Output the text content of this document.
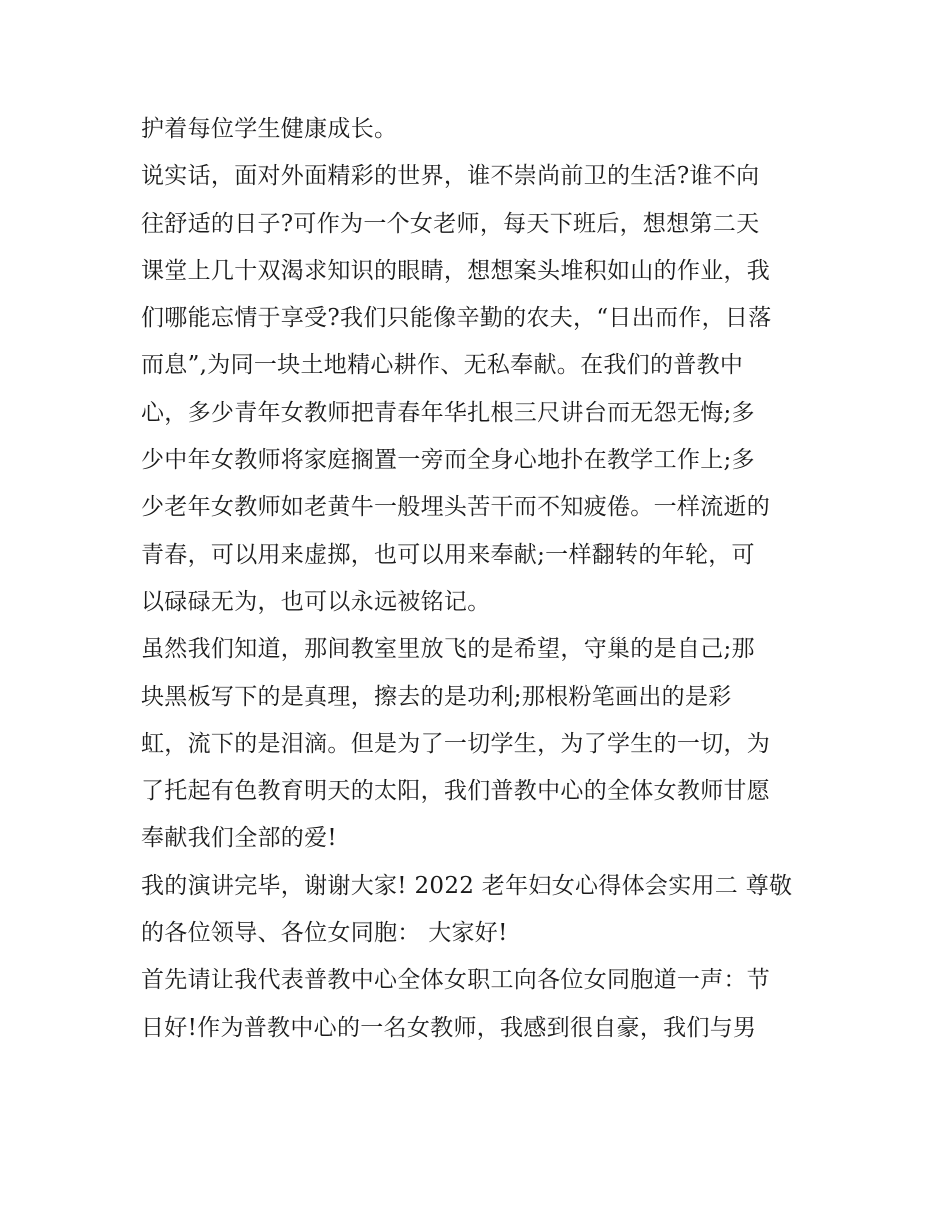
护着每位学生健康成长。
说实话，面对外面精彩的世界，谁不崇尚前卫的生活?谁不向
往舒适的日子?可作为一个女老师，每天下班后，想想第二天
课堂上几十双渴求知识的眼睛，想想案头堆积如山的作业，我
们哪能忘情于享受?我们只能像辛勤的农夫，“日出而作，日落
而息”,为同一块土地精心耕作、无私奉献。在我们的普教中
心，多少青年女教师把青春年华扎根三尺讲台而无怨无悔;多
少中年女教师将家庭搁置一旁而全身心地扑在教学工作上;多
少老年女教师如老黄牛一般埋头苦干而不知疲倦。一样流逝的
青春，可以用来虚掷，也可以用来奉献;一样翻转的年轮，可
以碌碌无为，也可以永远被铭记。
虽然我们知道，那间教室里放飞的是希望，守巢的是自己;那
块黑板写下的是真理，擦去的是功利;那根粉笔画出的是彩
虹，流下的是泪滴。但是为了一切学生，为了学生的一切，为
了托起有色教育明天的太阳，我们普教中心的全体女教师甘愿
奉献我们全部的爱!
我的演讲完毕，谢谢大家! 2022 老年妇女心得体会实用二 尊敬
的各位领导、各位女同胞： 大家好!
首先请让我代表普教中心全体女职工向各位女同胞道一声：节
日好!作为普教中心的一名女教师，我感到很自豪，我们与男
